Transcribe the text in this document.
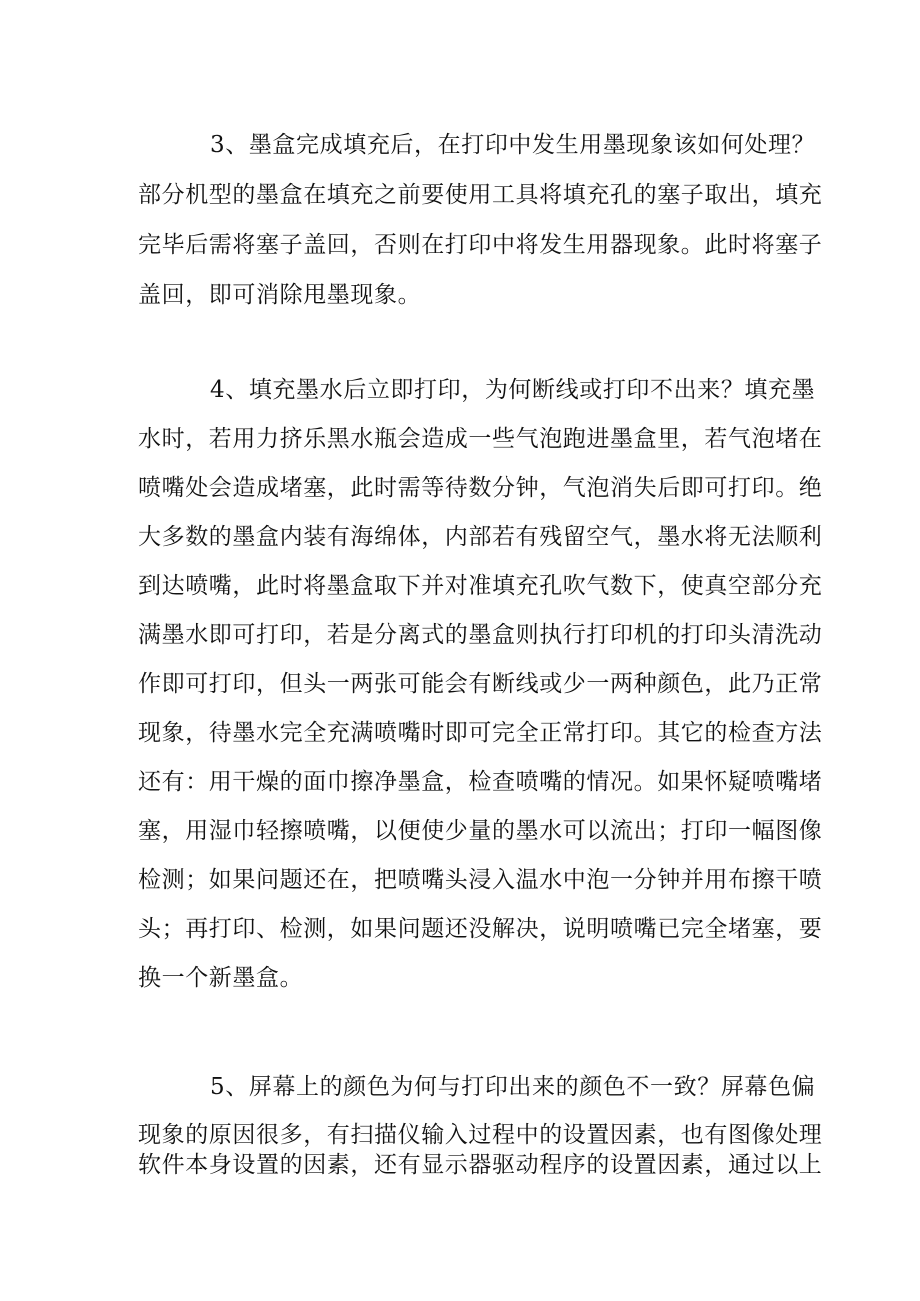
3、墨盒完成填充后，在打印中发生用墨现象该如何处理？
部分机型的墨盒在填充之前要使用工具将填充孔的塞子取出，填充
完毕后需将塞子盖回，否则在打印中将发生用器现象。此时将塞子
盖回，即可消除甩墨现象。
4、填充墨水后立即打印，为何断线或打印不出来？填充墨
水时，若用力挤乐黑水瓶会造成一些气泡跑进墨盒里，若气泡堵在
喷嘴处会造成堵塞，此时需等待数分钟，气泡消失后即可打印。绝
大多数的墨盒内装有海绵体，内部若有残留空气，墨水将无法顺利
到达喷嘴，此时将墨盒取下并对准填充孔吹气数下，使真空部分充
满墨水即可打印，若是分离式的墨盒则执行打印机的打印头清洗动
作即可打印，但头一两张可能会有断线或少一两种颜色，此乃正常
现象，待墨水完全充满喷嘴时即可完全正常打印。其它的检查方法
还有：用干燥的面巾擦净墨盒，检查喷嘴的情况。如果怀疑喷嘴堵
塞，用湿巾轻擦喷嘴，以便使少量的墨水可以流出；打印一幅图像
检测；如果问题还在，把喷嘴头浸入温水中泡一分钟并用布擦干喷
头；再打印、检测，如果问题还没解决，说明喷嘴已完全堵塞，要
换一个新墨盒。
5、屏幕上的颜色为何与打印出来的颜色不一致？屏幕色偏
现象的原因很多，有扫描仪输入过程中的设置因素，也有图像处理
软件本身设置的因素，还有显示器驱动程序的设置因素，通过以上
